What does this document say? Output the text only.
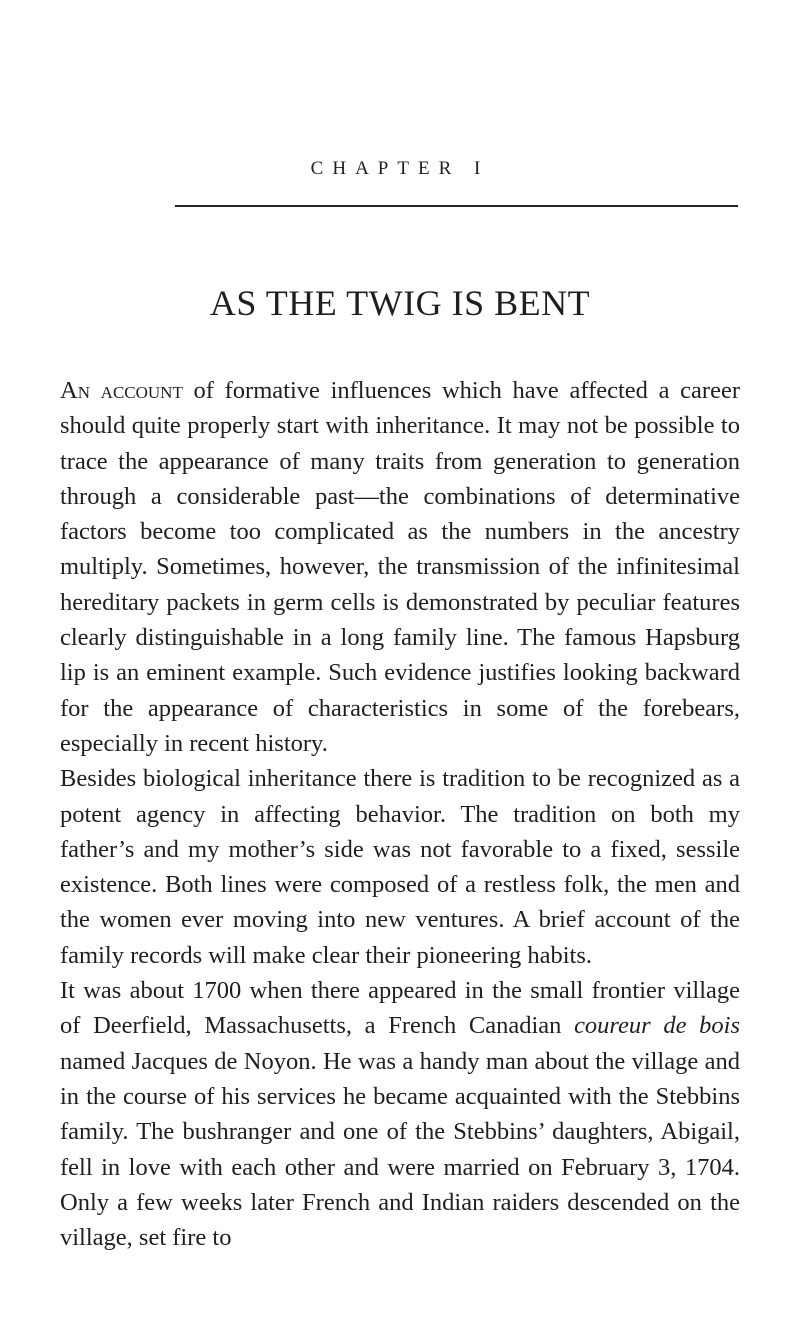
CHAPTER I
AS THE TWIG IS BENT

An account of formative influences which have affected a career should quite properly start with inheritance. It may not be possible to trace the appearance of many traits from generation to generation through a considerable past—the combinations of determinative factors become too complicated as the numbers in the ancestry multiply. Sometimes, however, the transmission of the infinitesimal hereditary packets in germ cells is demonstrated by peculiar features clearly distinguishable in a long family line. The famous Hapsburg lip is an eminent example. Such evidence justifies looking backward for the appearance of characteristics in some of the forebears, especially in recent history.

Besides biological inheritance there is tradition to be recognized as a potent agency in affecting behavior. The tradition on both my father’s and my mother’s side was not favorable to a fixed, sessile existence. Both lines were composed of a restless folk, the men and the women ever moving into new ventures. A brief account of the family records will make clear their pioneering habits.

It was about 1700 when there appeared in the small frontier village of Deerfield, Massachusetts, a French Canadian coureur de bois named Jacques de Noyon. He was a handy man about the village and in the course of his services he became acquainted with the Stebbins family. The bushranger and one of the Stebbins’ daughters, Abigail, fell in love with each other and were married on February 3, 1704. Only a few weeks later French and Indian raiders descended on the village, set fire to
